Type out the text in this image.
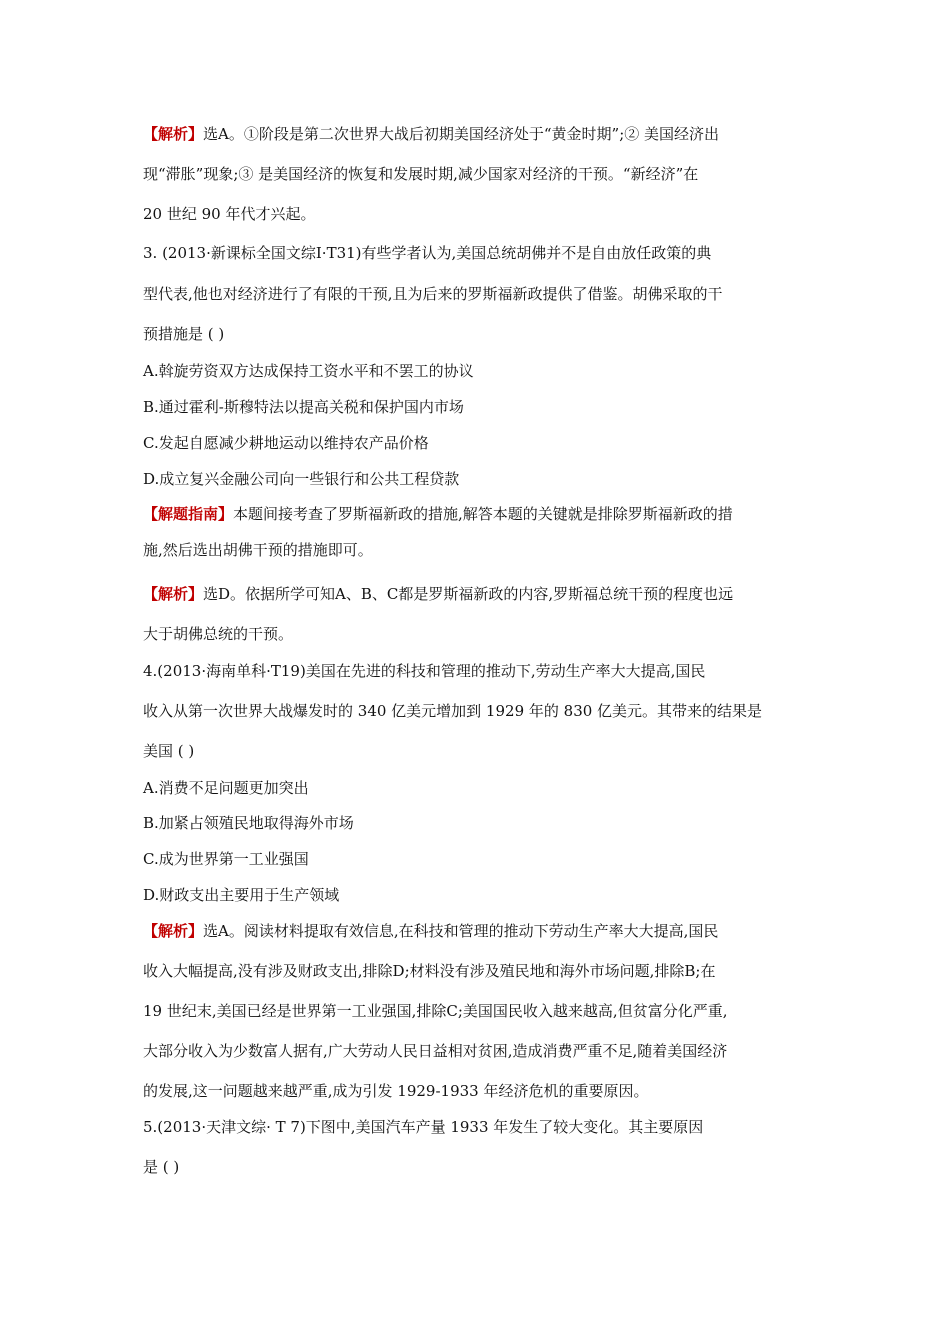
【解析】选A。①阶段是第二次世界大战后初期美国经济处于“黄金时期”;② 美国经济出
现“滞胀”现象;③ 是美国经济的恢复和发展时期,减少国家对经济的干预。“新经济”在
20 世纪 90 年代才兴起。
3. (2013·新课标全国文综Ⅰ·T31)有些学者认为,美国总统胡佛并不是自由放任政策的典
型代表,他也对经济进行了有限的干预,且为后来的罗斯福新政提供了借鉴。胡佛采取的干
预措施是 ( )
A.斡旋劳资双方达成保持工资水平和不罢工的协议
B.通过霍利-斯穆特法以提高关税和保护国内市场
C.发起自愿减少耕地运动以维持农产品价格
D.成立复兴金融公司向一些银行和公共工程贷款
【解题指南】本题间接考查了罗斯福新政的措施,解答本题的关键就是排除罗斯福新政的措
施,然后选出胡佛干预的措施即可。
【解析】选D。依据所学可知A、B、C都是罗斯福新政的内容,罗斯福总统干预的程度也远
大于胡佛总统的干预。
4.(2013·海南单科·T19)美国在先进的科技和管理的推动下,劳动生产率大大提高,国民
收入从第一次世界大战爆发时的 340 亿美元增加到 1929 年的 830 亿美元。其带来的结果是
美国 ( )
A.消费不足问题更加突出
B.加紧占领殖民地取得海外市场
C.成为世界第一工业强国
D.财政支出主要用于生产领域
【解析】选A。阅读材料提取有效信息,在科技和管理的推动下劳动生产率大大提高,国民
收入大幅提高,没有涉及财政支出,排除D;材料没有涉及殖民地和海外市场问题,排除B;在
19 世纪末,美国已经是世界第一工业强国,排除C;美国国民收入越来越高,但贫富分化严重,
大部分收入为少数富人据有,广大劳动人民日益相对贫困,造成消费严重不足,随着美国经济
的发展,这一问题越来越严重,成为引发 1929-1933 年经济危机的重要原因。
5.(2013·天津文综· T 7)下图中,美国汽车产量 1933 年发生了较大变化。其主要原因
是 ( )
